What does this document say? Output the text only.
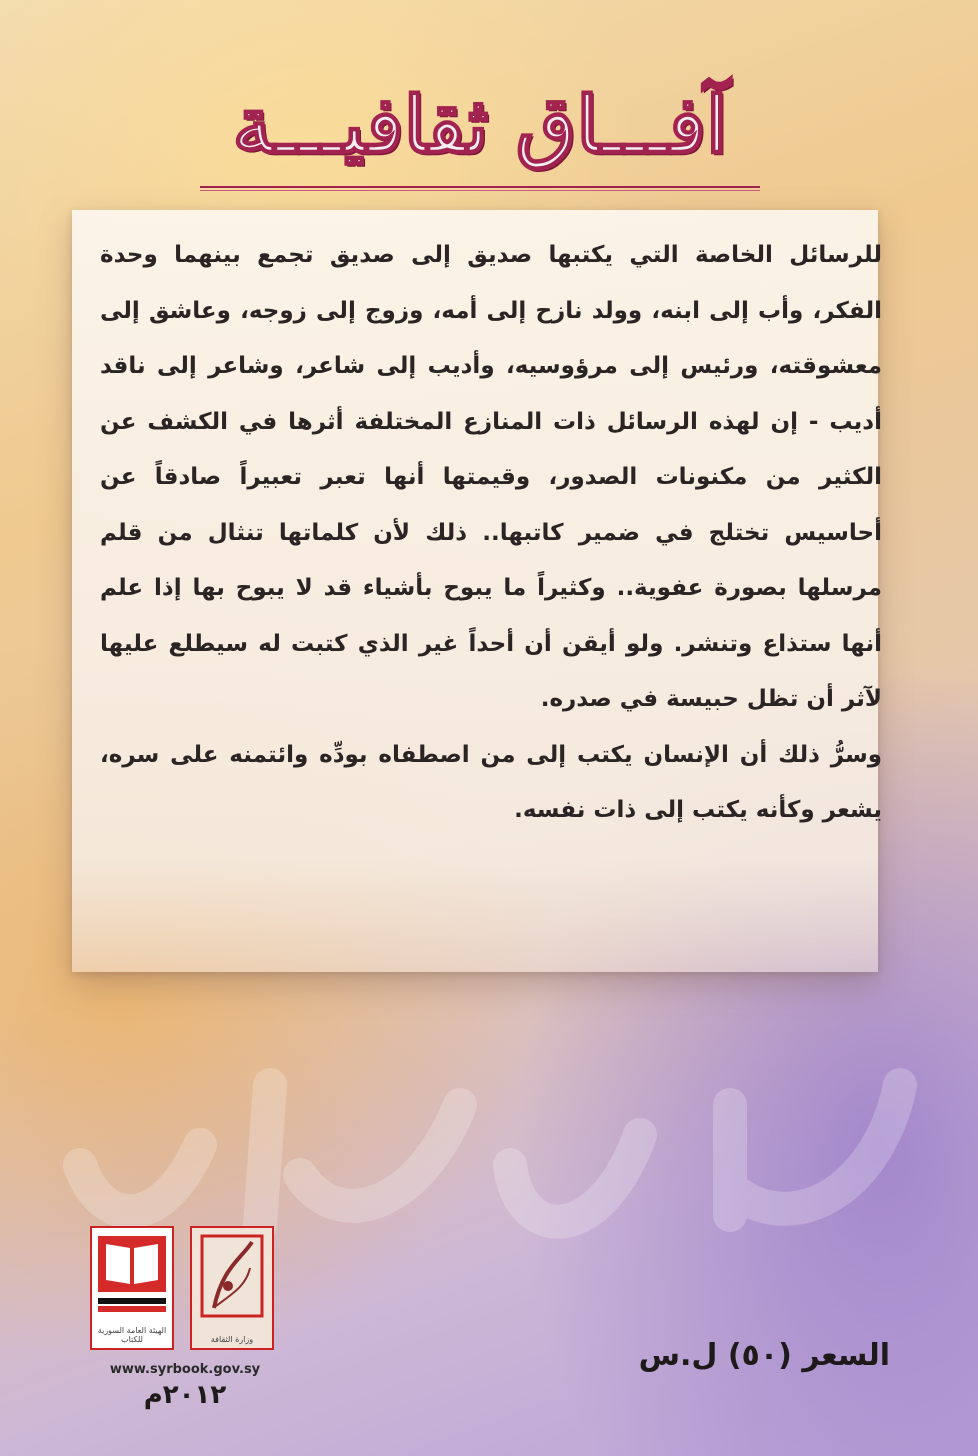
آفـــاق ثقافيـــة

للرسائل الخاصة التي يكتبها صديق إلى صديق تجمع بينهما وحدة الفكر، وأب إلى ابنه، وولد نازح إلى أمه، وزوج إلى زوجه، وعاشق إلى معشوقته، ورئيس إلى مرؤوسيه، وأديب إلى شاعر، وشاعر إلى ناقد أديب - إن لهذه الرسائل ذات المنازع المختلفة أثرها في الكشف عن الكثير من مكنونات الصدور، وقيمتها أنها تعبر تعبيراً صادقاً عن أحاسيس تختلج في ضمير كاتبها.. ذلك لأن كلماتها تنثال من قلم مرسلها بصورة عفوية.. وكثيراً ما يبوح بأشياء قد لا يبوح بها إذا علم أنها ستذاع وتنشر. ولو أيقن أن أحداً غير الذي كتبت له سيطلع عليها لآثر أن تظل حبيسة في صدره.

وسرُّ ذلك أن الإنسان يكتب إلى من اصطفاه بودِّه وائتمنه على سره، يشعر وكأنه يكتب إلى ذات نفسه.

الهيئة العامة السورية للكتاب	وزارة الثقافة
www.syrbook.gov.sy
٢٠١٢م
السعر (٥٠) ل.س
